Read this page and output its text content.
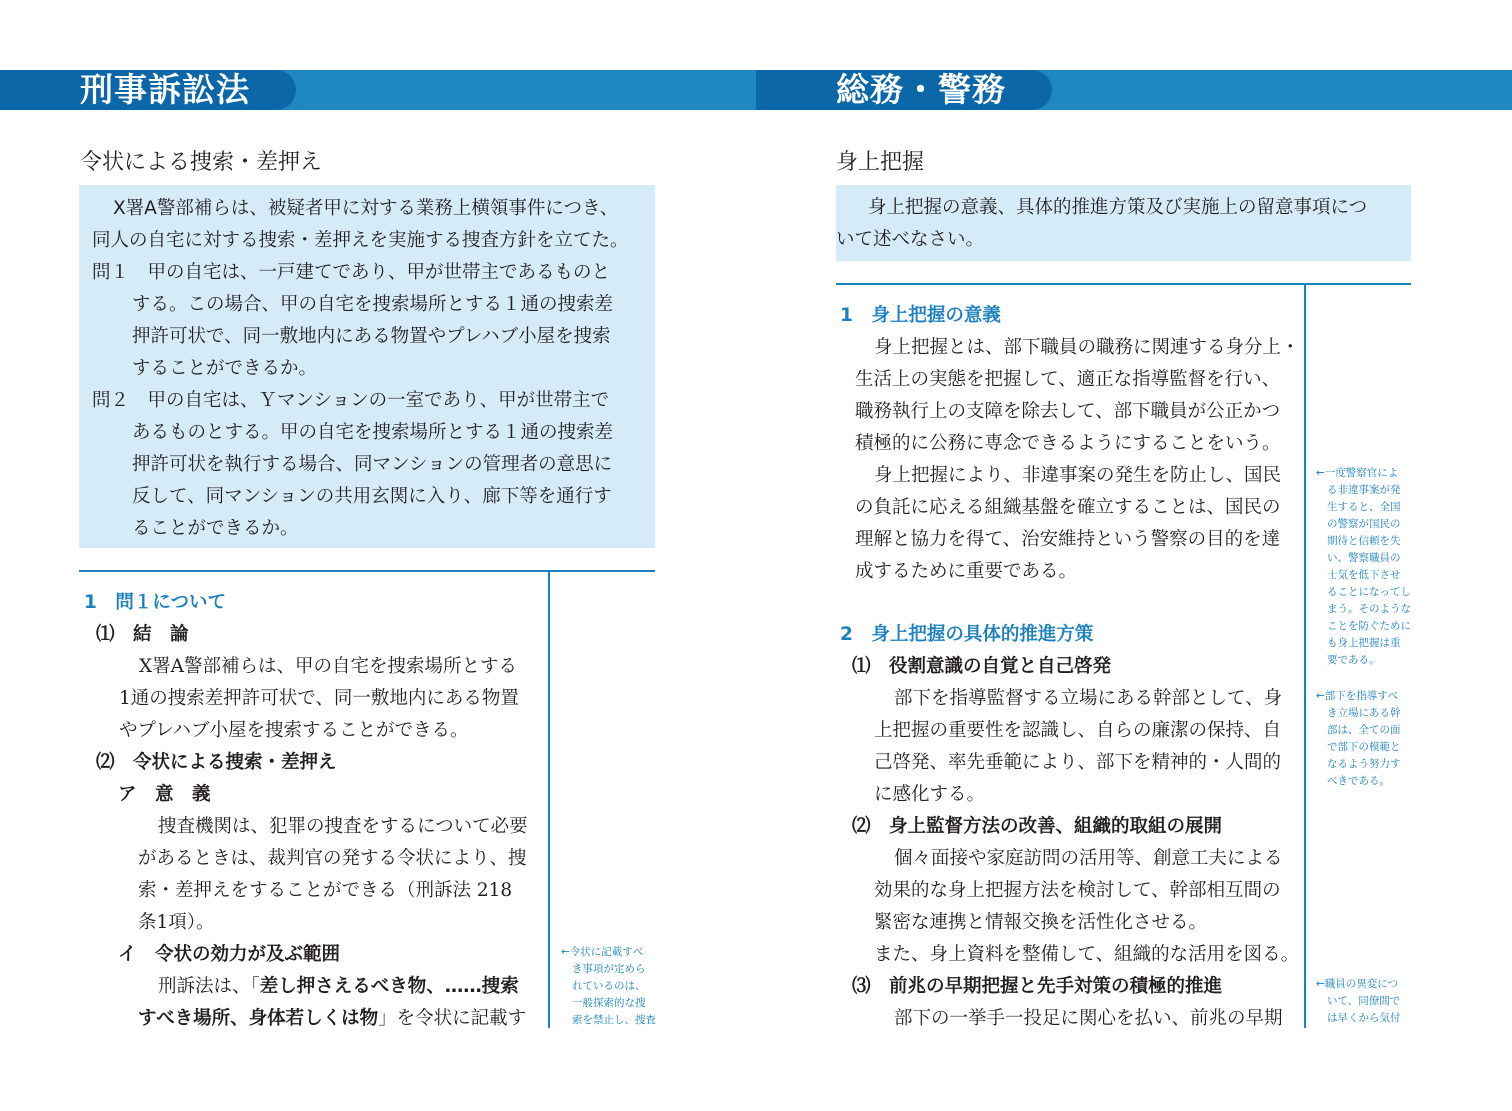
刑事訴訟法	総務・警務
令状による捜索・差押え
X署A警部補らは、被疑者甲に対する業務上横領事件につき、
同人の自宅に対する捜索・差押えを実施する捜査方針を立てた。
問１　甲の自宅は、一戸建てであり、甲が世帯主であるものと
する。この場合、甲の自宅を捜索場所とする１通の捜索差
押許可状で、同一敷地内にある物置やプレハブ小屋を捜索
することができるか。
問２　甲の自宅は、Ｙマンションの一室であり、甲が世帯主で
あるものとする。甲の自宅を捜索場所とする１通の捜索差
押許可状を執行する場合、同マンションの管理者の意思に
反して、同マンションの共用玄関に入り、廊下等を通行す
ることができるか。
1　問１について
⑴　結　論
X署A警部補らは、甲の自宅を捜索場所とする
1通の捜索差押許可状で、同一敷地内にある物置
やプレハブ小屋を捜索することができる。
⑵　令状による捜索・差押え
ア　意　義
捜査機関は、犯罪の捜査をするについて必要
があるときは、裁判官の発する令状により、捜
索・差押えをすることができる（刑訴法 218
条1項）。
イ　令状の効力が及ぶ範囲
刑訴法は、「差し押さえるべき物、……捜索
すべき場所、身体若しくは物」を令状に記載す
←令状に記載すべ
き事項が定めら
れているのは、
一般探索的な捜
索を禁止し、捜査
身上把握
身上把握の意義、具体的推進方策及び実施上の留意事項につ
いて述べなさい。
1　身上把握の意義
身上把握とは、部下職員の職務に関連する身分上・
生活上の実態を把握して、適正な指導監督を行い、
職務執行上の支障を除去して、部下職員が公正かつ
積極的に公務に専念できるようにすることをいう。
身上把握により、非違事案の発生を防止し、国民
の負託に応える組織基盤を確立することは、国民の
理解と協力を得て、治安維持という警察の目的を達
成するために重要である。
2　身上把握の具体的推進方策
⑴　役割意識の自覚と自己啓発
部下を指導監督する立場にある幹部として、身
上把握の重要性を認識し、自らの廉潔の保持、自
己啓発、率先垂範により、部下を精神的・人間的
に感化する。
⑵　身上監督方法の改善、組織的取組の展開
個々面接や家庭訪問の活用等、創意工夫による
効果的な身上把握方法を検討して、幹部相互間の
緊密な連携と情報交換を活性化させる。
また、身上資料を整備して、組織的な活用を図る。
⑶　前兆の早期把握と先手対策の積極的推進
部下の一挙手一投足に関心を払い、前兆の早期
←一度警察官によ
る非違事案が発
生すると、全国
の警察が国民の
期待と信頼を失
い、警察職員の
士気を低下させ
ることになってし
まう。そのような
ことを防ぐために
も身上把握は重
要である。
←部下を指導すべ
き立場にある幹
部は、全ての面
で部下の模範と
なるよう努力す
べきである。
←職員の異変につ
いて、同僚間で
は早くから気付
